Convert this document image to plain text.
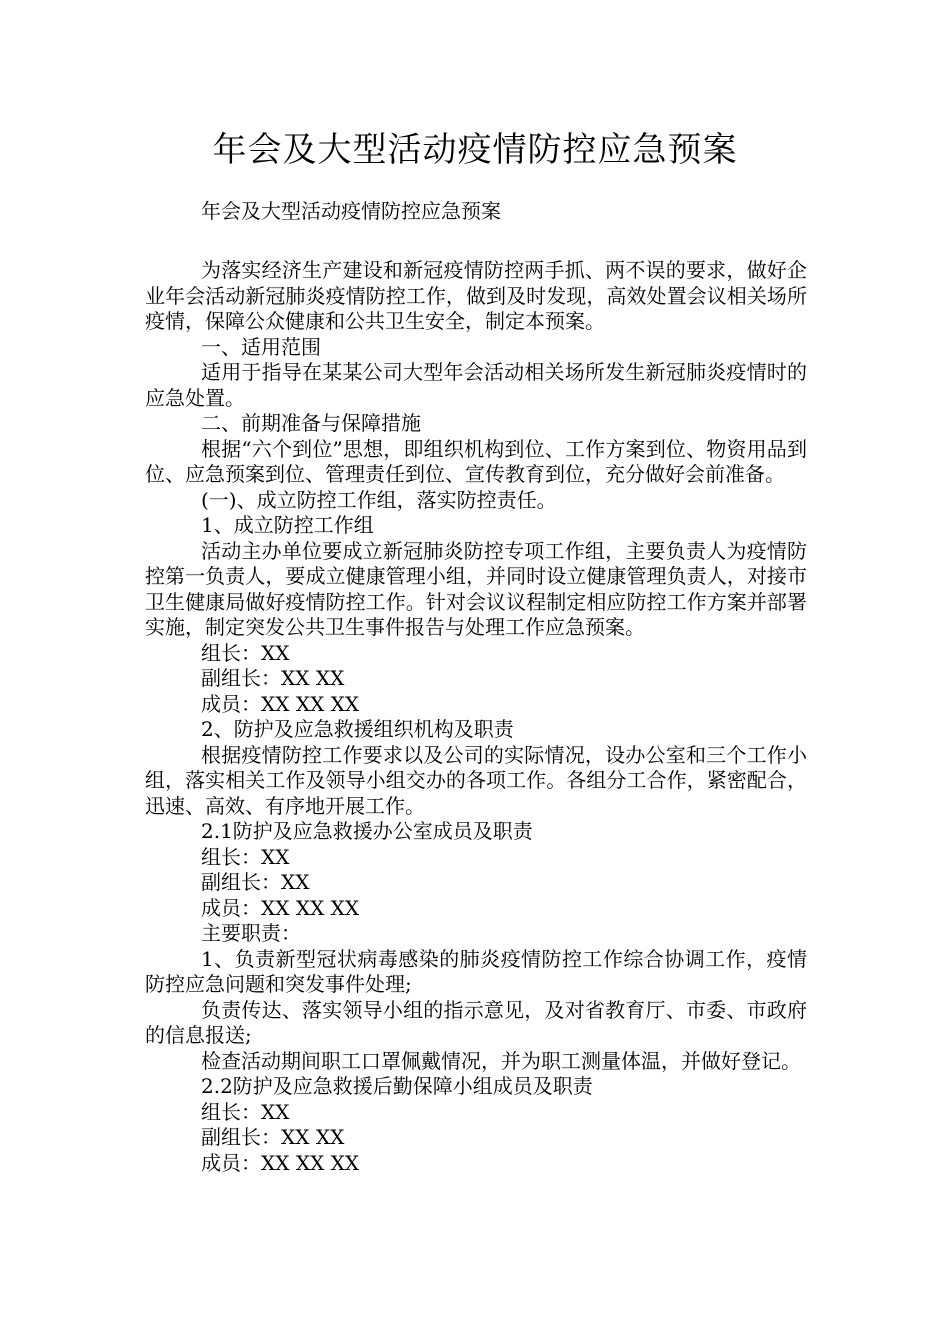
年会及大型活动疫情防控应急预案

年会及大型活动疫情防控应急预案

为落实经济生产建设和新冠疫情防控两手抓、两不误的要求，做好企业年会活动新冠肺炎疫情防控工作，做到及时发现，高效处置会议相关场所疫情，保障公众健康和公共卫生安全，制定本预案。

一、适用范围

适用于指导在某某公司大型年会活动相关场所发生新冠肺炎疫情时的应急处置。

二、前期准备与保障措施

根据“六个到位”思想，即组织机构到位、工作方案到位、物资用品到位、应急预案到位、管理责任到位、宣传教育到位，充分做好会前准备。

(一)、成立防控工作组，落实防控责任。

1、成立防控工作组

活动主办单位要成立新冠肺炎防控专项工作组，主要负责人为疫情防控第一负责人，要成立健康管理小组，并同时设立健康管理负责人，对接市卫生健康局做好疫情防控工作。针对会议议程制定相应防控工作方案并部署实施，制定突发公共卫生事件报告与处理工作应急预案。

组长：XX

副组长：XX XX

成员：XX XX XX

2、防护及应急救援组织机构及职责

根据疫情防控工作要求以及公司的实际情况，设办公室和三个工作小组，落实相关工作及领导小组交办的各项工作。各组分工合作，紧密配合，迅速、高效、有序地开展工作。

2.1防护及应急救援办公室成员及职责

组长：XX

副组长：XX

成员：XX XX XX

主要职责：

1、负责新型冠状病毒感染的肺炎疫情防控工作综合协调工作，疫情防控应急问题和突发事件处理;

负责传达、落实领导小组的指示意见，及对省教育厅、市委、市政府的信息报送;

检查活动期间职工口罩佩戴情况，并为职工测量体温，并做好登记。

2.2防护及应急救援后勤保障小组成员及职责

组长：XX

副组长：XX XX

成员：XX XX XX
